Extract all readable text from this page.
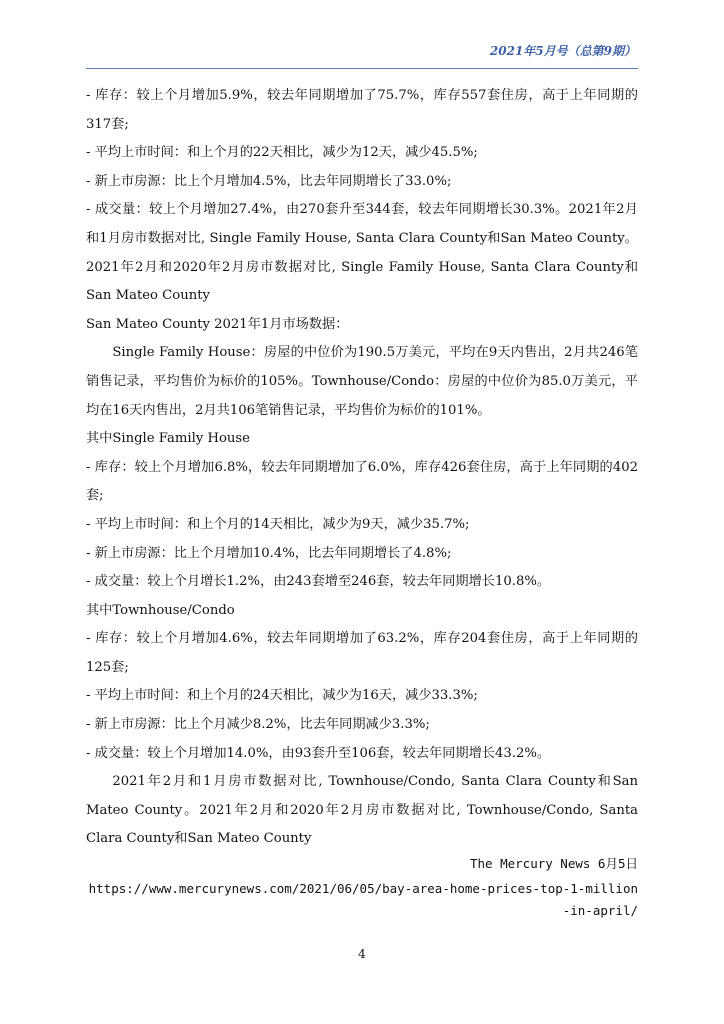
2021年5月号（总第9期）

- 库存：较上个月增加5.9%，较去年同期增加了75.7%，库存557套住房，高于上年同期的317套;

- 平均上市时间：和上个月的22天相比，减少为12天，减少45.5%;

- 新上市房源：比上个月增加4.5%，比去年同期增长了33.0%;

- 成交量：较上个月增加27.4%，由270套升至344套，较去年同期增长30.3%。2021年2月和1月房市数据对比, Single Family House, Santa Clara County和San Mateo County。2021年2月和2020年2月房市数据对比, Single Family House, Santa Clara County和San Mateo County

San Mateo County 2021年1月市场数据：

Single Family House：房屋的中位价为190.5万美元，平均在9天内售出，2月共246笔销售记录，平均售价为标价的105%。Townhouse/Condo：房屋的中位价为85.0万美元，平均在16天内售出，2月共106笔销售记录，平均售价为标价的101%。

其中Single Family House

- 库存：较上个月增加6.8%，较去年同期增加了6.0%，库存426套住房，高于上年同期的402套;

- 平均上市时间：和上个月的14天相比，减少为9天，减少35.7%;

- 新上市房源：比上个月增加10.4%，比去年同期增长了4.8%;

- 成交量：较上个月增长1.2%，由243套增至246套，较去年同期增长10.8%。

其中Townhouse/Condo

- 库存：较上个月增加4.6%，较去年同期增加了63.2%，库存204套住房，高于上年同期的125套;

- 平均上市时间：和上个月的24天相比，减少为16天，减少33.3%;

- 新上市房源：比上个月减少8.2%，比去年同期减少3.3%;

- 成交量：较上个月增加14.0%，由93套升至106套，较去年同期增长43.2%。

2021年2月和1月房市数据对比, Townhouse/Condo, Santa Clara County和San Mateo County。2021年2月和2020年2月房市数据对比, Townhouse/Condo, Santa Clara County和San Mateo County

The Mercury News 6月5日
https://www.mercurynews.com/2021/06/05/bay-area-home-prices-top-1-million-in-april/
4
